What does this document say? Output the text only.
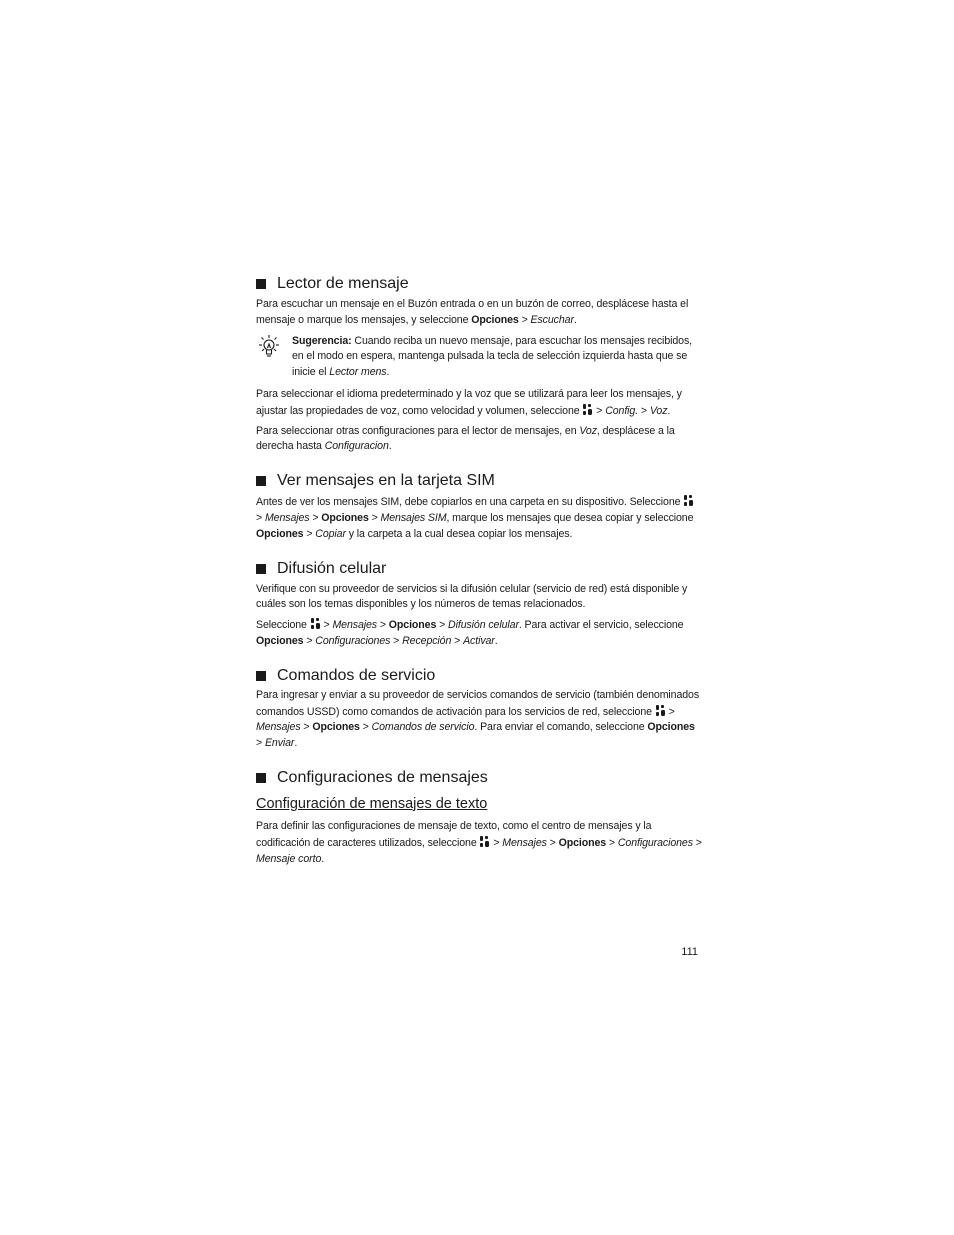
Lector de mensaje

Para escuchar un mensaje en el Buzón entrada o en un buzón de correo, desplácese hasta el mensaje o marque los mensajes, y seleccione Opciones > Escuchar.

Sugerencia: Cuando reciba un nuevo mensaje, para escuchar los mensajes recibidos, en el modo en espera, mantenga pulsada la tecla de selección izquierda hasta que se inicie el Lector mens.

Para seleccionar el idioma predeterminado y la voz que se utilizará para leer los mensajes, y ajustar las propiedades de voz, como velocidad y volumen, seleccione  > Config. > Voz.

Para seleccionar otras configuraciones para el lector de mensajes, en Voz, desplácese a la derecha hasta Configuracion.

Ver mensajes en la tarjeta SIM

Antes de ver los mensajes SIM, debe copiarlos en una carpeta en su dispositivo. Seleccione  > Mensajes > Opciones > Mensajes SIM, marque los mensajes que desea copiar y seleccione Opciones > Copiar y la carpeta a la cual desea copiar los mensajes.

Difusión celular

Verifique con su proveedor de servicios si la difusión celular (servicio de red) está disponible y cuáles son los temas disponibles y los números de temas relacionados.

Seleccione  > Mensajes > Opciones > Difusión celular. Para activar el servicio, seleccione Opciones > Configuraciones > Recepción > Activar.

Comandos de servicio

Para ingresar y enviar a su proveedor de servicios comandos de servicio (también denominados comandos USSD) como comandos de activación para los servicios de red, seleccione  > Mensajes > Opciones > Comandos de servicio. Para enviar el comando, seleccione Opciones > Enviar.

Configuraciones de mensajes
Configuración de mensajes de texto

Para definir las configuraciones de mensaje de texto, como el centro de mensajes y la codificación de caracteres utilizados, seleccione  > Mensajes > Opciones > Configuraciones > Mensaje corto.

111
